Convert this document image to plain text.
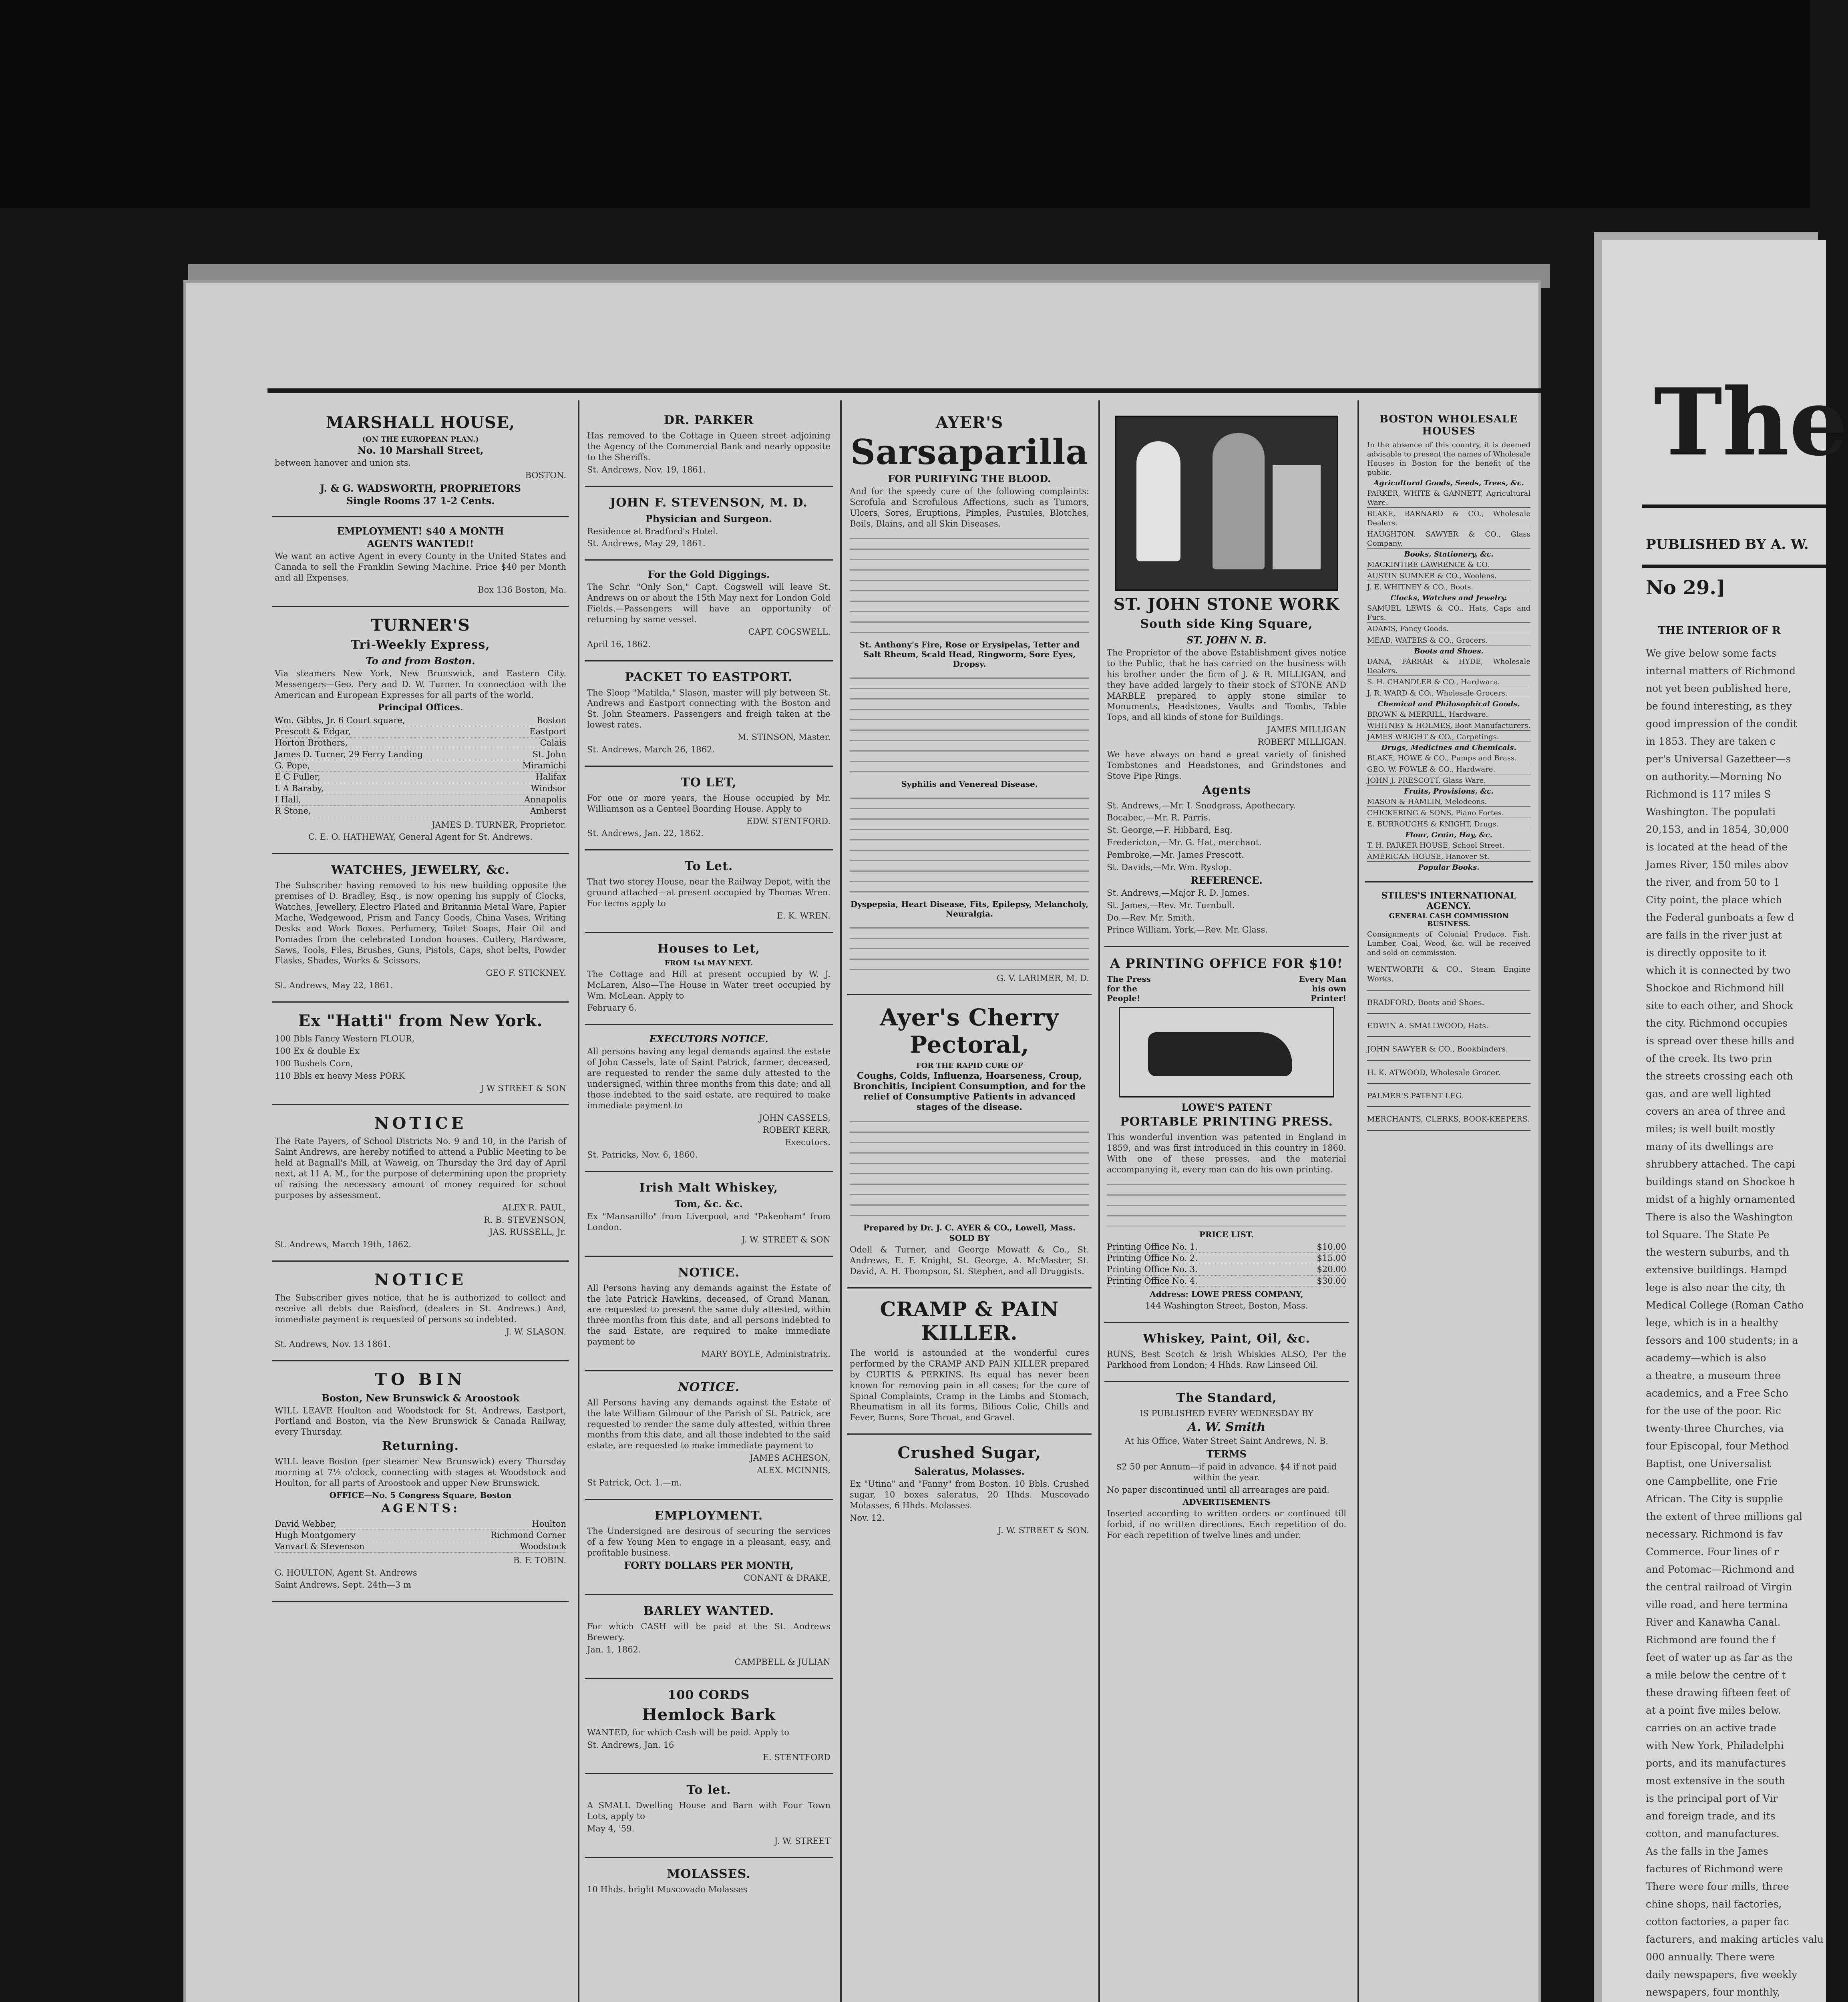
The
PUBLISHED BY A. W.
No 29.]
THE INTERIOR OF R

We give below some facts

internal matters of Richmond

not yet been published here,

be found interesting, as they

good impression of the condit

in 1853. They are taken c

per's Universal Gazetteer—s

on authority.—Morning No

Richmond is 117 miles S

Washington. The populati

20,153, and in 1854, 30,000

is located at the head of the

James River, 150 miles abov

the river, and from 50 to 1

City point, the place which

the Federal gunboats a few d

are falls in the river just at

is directly opposite to it

which it is connected by two

Shockoe and Richmond hill

site to each other, and Shock

the city. Richmond occupies

is spread over these hills and

of the creek. Its two prin

the streets crossing each oth

gas, and are well lighted

covers an area of three and

miles; is well built mostly

many of its dwellings are

shrubbery attached. The capi

buildings stand on Shockoe h

midst of a highly ornamented

There is also the Washington

tol Square. The State Pe

the western suburbs, and th

extensive buildings. Hampd

lege is also near the city, th

Medical College (Roman Catho

lege, which is in a healthy

fessors and 100 students; in a

academy—which is also

a theatre, a museum three

academics, and a Free Scho

for the use of the poor. Ric

twenty-three Churches, via

four Episcopal, four Method

Baptist, one Universalist

one Campbellite, one Frie

African. The City is supplie

the extent of three millions gal

necessary. Richmond is fav

Commerce. Four lines of r

and Potomac—Richmond and

the central railroad of Virgin

ville road, and here termina

River and Kanawha Canal.

Richmond are found the f

feet of water up as far as the

a mile below the centre of t

these drawing fifteen feet of

at a point five miles below.

carries on an active trade

with New York, Philadelphi

ports, and its manufactures

most extensive in the south

is the principal port of Vir

and foreign trade, and its

cotton, and manufactures.

As the falls in the James

factures of Richmond were

There were four mills, three

chine shops, nail factories,

cotton factories, a paper fac

facturers, and making articles valu

000 annually. There were

daily newspapers, five weekly

newspapers, four monthly,

MARSHALL HOUSE,
(ON THE EUROPEAN PLAN.)
No. 10 Marshall Street,
between hanover and union sts.
BOSTON.
J. & G. WADSWORTH, PROPRIETORS
Single Rooms 37 1-2 Cents.
EMPLOYMENT! $40 A MONTH
AGENTS WANTED!!
We want an active Agent in every County in the United States and Canada to sell the Franklin Sewing Machine. Price $40 per Month and all Expenses.
Box 136 Boston, Ma.
TURNER'S
Tri-Weekly Express,
To and from Boston.
Via steamers New York, New Brunswick, and Eastern City. Messengers—Geo. Pery and D. W. Turner. In connection with the American and European Expresses for all parts of the world.
Principal Offices.
Wm. Gibbs, Jr. 6 Court square,	Boston
Prescott & Edgar,	Eastport
Horton Brothers,	Calais
James D. Turner, 29 Ferry Landing	St. John
G. Pope,	Miramichi
E G Fuller,	Halifax
L A Baraby,	Windsor
I Hall,	Annapolis
R Stone,	Amherst
JAMES D. TURNER, Proprietor.
C. E. O. HATHEWAY, General Agent for St. Andrews.
WATCHES, JEWELRY, &c.
The Subscriber having removed to his new building opposite the premises of D. Bradley, Esq., is now opening his supply of Clocks, Watches, Jewellery, Electro Plated and Britannia Metal Ware, Papier Mache, Wedgewood, Prism and Fancy Goods, China Vases, Writing Desks and Work Boxes. Perfumery, Toilet Soaps, Hair Oil and Pomades from the celebrated London houses. Cutlery, Hardware, Saws, Tools, Files, Brushes, Guns, Pistols, Caps, shot belts, Powder Flasks, Shades, Works & Scissors.
GEO F. STICKNEY.
St. Andrews, May 22, 1861.
Ex "Hatti" from New York.
100 Bbls Fancy Western FLOUR,
100 Ex & double Ex
100 Bushels Corn,
110 Bbls ex heavy Mess PORK
J W STREET & SON
NOTICE
The Rate Payers, of School Districts No. 9 and 10, in the Parish of Saint Andrews, are hereby notified to attend a Public Meeting to be held at Bagnall's Mill, at Waweig, on Thursday the 3rd day of April next, at 11 A. M., for the purpose of determining upon the propriety of raising the necessary amount of money required for school purposes by assessment.
ALEX'R. PAUL,
R. B. STEVENSON,
JAS. RUSSELL, Jr.
St. Andrews, March 19th, 1862.
NOTICE
The Subscriber gives notice, that he is authorized to collect and receive all debts due Raisford, (dealers in St. Andrews.) And, immediate payment is requested of persons so indebted.
J. W. SLASON.
St. Andrews, Nov. 13 1861.
TO BIN
Boston, New Brunswick & Aroostook
WILL LEAVE Houlton and Woodstock for St. Andrews, Eastport, Portland and Boston, via the New Brunswick & Canada Railway, every Thursday.
Returning.
WILL leave Boston (per steamer New Brunswick) every Thursday morning at 7½ o'clock, connecting with stages at Woodstock and Houlton, for all parts of Aroostook and upper New Brunswick.
OFFICE—No. 5 Congress Square, Boston
AGENTS:
David Webber,	Houlton
Hugh Montgomery	Richmond Corner
Vanvart & Stevenson	Woodstock
B. F. TOBIN.
G. HOULTON, Agent St. Andrews
Saint Andrews, Sept. 24th—3 m
DR. PARKER
Has removed to the Cottage in Queen street adjoining the Agency of the Commercial Bank and nearly opposite to the Sheriffs.
St. Andrews, Nov. 19, 1861.
JOHN F. STEVENSON, M. D.
Physician and Surgeon.
Residence at Bradford's Hotel.
St. Andrews, May 29, 1861.
For the Gold Diggings.
The Schr. "Only Son," Capt. Cogswell will leave St. Andrews on or about the 15th May next for London Gold Fields.—Passengers will have an opportunity of returning by same vessel.
CAPT. COGSWELL.
April 16, 1862.
PACKET TO EASTPORT.
The Sloop "Matilda," Slason, master will ply between St. Andrews and Eastport connecting with the Boston and St. John Steamers. Passengers and freigh taken at the lowest rates.
M. STINSON, Master.
St. Andrews, March 26, 1862.
TO LET,
For one or more years, the House occupied by Mr. Williamson as a Genteel Boarding House. Apply to
EDW. STENTFORD.
St. Andrews, Jan. 22, 1862.
To Let.
That two storey House, near the Railway Depot, with the ground attached—at present occupied by Thomas Wren. For terms apply to
E. K. WREN.
Houses to Let,
FROM 1st MAY NEXT.
The Cottage and Hill at present occupied by W. J. McLaren, Also—The House in Water treet occupied by Wm. McLean. Apply to
February 6.
EXECUTORS NOTICE.
All persons having any legal demands against the estate of John Cassels, late of Saint Patrick, farmer, deceased, are requested to render the same duly attested to the undersigned, within three months from this date; and all those indebted to the said estate, are required to make immediate payment to
JOHN CASSELS,
ROBERT KERR,
Executors.
St. Patricks, Nov. 6, 1860.
Irish Malt Whiskey,
Tom, &c. &c.
Ex "Mansanillo" from Liverpool, and "Pakenham" from London.
J. W. STREET & SON
NOTICE.
All Persons having any demands against the Estate of the late Patrick Hawkins, deceased, of Grand Manan, are requested to present the same duly attested, within three months from this date, and all persons indebted to the said Estate, are required to make immediate payment to
MARY BOYLE, Administratrix.
NOTICE.
All Persons having any demands against the Estate of the late William Gilmour of the Parish of St. Patrick, are requested to render the same duly attested, within three months from this date, and all those indebted to the said estate, are requested to make immediate payment to
JAMES ACHESON,
ALEX. MCINNIS,
St Patrick, Oct. 1.—m.
EMPLOYMENT.
The Undersigned are desirous of securing the services of a few Young Men to engage in a pleasant, easy, and profitable business.
FORTY DOLLARS PER MONTH,
CONANT & DRAKE,
BARLEY WANTED.
For which CASH will be paid at the St. Andrews Brewery.
Jan. 1, 1862.
CAMPBELL & JULIAN
100 CORDS
Hemlock Bark
WANTED, for which Cash will be paid. Apply to
St. Andrews, Jan. 16
E. STENTFORD
To let.
A SMALL Dwelling House and Barn with Four Town Lots, apply to
May 4, '59.
J. W. STREET
MOLASSES.
10 Hhds. bright Muscovado Molasses
AYER'S
Sarsaparilla
FOR PURIFYING THE BLOOD.
And for the speedy cure of the following complaints: Scrofula and Scrofulous Affections, such as Tumors, Ulcers, Sores, Eruptions, Pimples, Pustules, Blotches, Boils, Blains, and all Skin Diseases.
St. Anthony's Fire, Rose or Erysipelas, Tetter and Salt Rheum, Scald Head, Ringworm, Sore Eyes, Dropsy.
Syphilis and Venereal Disease.
Dyspepsia, Heart Disease, Fits, Epilepsy, Melancholy, Neuralgia.
G. V. LARIMER, M. D.
Ayer's Cherry Pectoral,
FOR THE RAPID CURE OF
Coughs, Colds, Influenza, Hoarseness, Croup, Bronchitis, Incipient Consumption, and for the relief of Consumptive Patients in advanced stages of the disease.
Prepared by Dr. J. C. AYER & CO., Lowell, Mass.
SOLD BY
Odell & Turner, and George Mowatt & Co., St. Andrews, E. F. Knight, St. George, A. McMaster, St. David, A. H. Thompson, St. Stephen, and all Druggists.
CRAMP & PAIN KILLER.
The world is astounded at the wonderful cures performed by the CRAMP AND PAIN KILLER prepared by CURTIS & PERKINS. Its equal has never been known for removing pain in all cases; for the cure of Spinal Complaints, Cramp in the Limbs and Stomach, Rheumatism in all its forms, Bilious Colic, Chills and Fever, Burns, Sore Throat, and Gravel.
Crushed Sugar,
Saleratus, Molasses.
Ex "Utina" and "Fanny" from Boston. 10 Bbls. Crushed sugar, 10 boxes saleratus, 20 Hhds. Muscovado Molasses, 6 Hhds. Molasses.
Nov. 12.
J. W. STREET & SON.
ST. JOHN STONE WORK
South side King Square,
ST. JOHN N. B.
The Proprietor of the above Establishment gives notice to the Public, that he has carried on the business with his brother under the firm of J. & R. MILLIGAN, and they have added largely to their stock of STONE AND MARBLE prepared to apply stone similar to Monuments, Headstones, Vaults and Tombs, Table Tops, and all kinds of stone for Buildings.
JAMES MILLIGAN
ROBERT MILLIGAN.
We have always on hand a great variety of finished Tombstones and Headstones, and Grindstones and Stove Pipe Rings.
Agents
St. Andrews,—Mr. I. Snodgrass, Apothecary.
Bocabec,—Mr. R. Parris.
St. George,—F. Hibbard, Esq.
Fredericton,—Mr. G. Hat, merchant.
Pembroke,—Mr. James Prescott.
St. Davids,—Mr. Wm. Ryslop.
REFERENCE.
St. Andrews,—Major R. D. James.
St. James,—Rev. Mr. Turnbull.
Do.—Rev. Mr. Smith.
Prince William, York,—Rev. Mr. Glass.
A PRINTING OFFICE FOR $10!
The Press for the People!
Every Man his own Printer!
LOWE'S PATENT
PORTABLE PRINTING PRESS.
This wonderful invention was patented in England in 1859, and was first introduced in this country in 1860. With one of these presses, and the material accompanying it, every man can do his own printing.
PRICE LIST.
Printing Office No. 1.	$10.00
Printing Office No. 2.	$15.00
Printing Office No. 3.	$20.00
Printing Office No. 4.	$30.00
Address: LOWE PRESS COMPANY,
144 Washington Street, Boston, Mass.
Whiskey, Paint, Oil, &c.
RUNS, Best Scotch & Irish Whiskies ALSO, Per the Parkhood from London; 4 Hhds. Raw Linseed Oil.
The Standard,
IS PUBLISHED EVERY WEDNESDAY BY
A. W. Smith
At his Office, Water Street Saint Andrews, N. B.
TERMS
$2 50 per Annum—if paid in advance. $4 if not paid within the year.
No paper discontinued until all arrearages are paid.
ADVERTISEMENTS
Inserted according to written orders or continued till forbid, if no written directions. Each repetition of do. For each repetition of twelve lines and under.
BOSTON WHOLESALE HOUSES
In the absence of this country, it is deemed advisable to present the names of Wholesale Houses in Boston for the benefit of the public.
Agricultural Goods, Seeds, Trees, &c.
PARKER, WHITE & GANNETT, Agricultural Ware.
BLAKE, BARNARD & CO., Wholesale Dealers.
HAUGHTON, SAWYER & CO., Glass Company.
Books, Stationery, &c.
MACKINTIRE LAWRENCE & CO.
AUSTIN SUMNER & CO., Woolens.
J. E. WHITNEY & CO., Boots.
Clocks, Watches and Jewelry.
SAMUEL LEWIS & CO., Hats, Caps and Furs.
ADAMS, Fancy Goods.
MEAD, WATERS & CO., Grocers.
Boots and Shoes.
DANA, FARRAR & HYDE, Wholesale Dealers.
S. H. CHANDLER & CO., Hardware.
J. R. WARD & CO., Wholesale Grocers.
Chemical and Philosophical Goods.
BROWN & MERRILL, Hardware.
WHITNEY & HOLMES, Boot Manufacturers.
JAMES WRIGHT & CO., Carpetings.
Drugs, Medicines and Chemicals.
BLAKE, HOWE & CO., Pumps and Brass.
GEO. W. FOWLE & CO., Hardware.
JOHN J. PRESCOTT, Glass Ware.
Fruits, Provisions, &c.
MASON & HAMLIN, Melodeons.
CHICKERING & SONS, Piano Fortes.
E. BURROUGHS & KNIGHT, Drugs.
Flour, Grain, Hay, &c.
T. H. PARKER HOUSE, School Street.
AMERICAN HOUSE, Hanover St.
Popular Books.
STILES'S INTERNATIONAL AGENCY.
GENERAL CASH COMMISSION BUSINESS.
Consignments of Colonial Produce, Fish, Lumber, Coal, Wood, &c. will be received and sold on commission.
WENTWORTH & CO., Steam Engine Works.
BRADFORD, Boots and Shoes.
EDWIN A. SMALLWOOD, Hats.
JOHN SAWYER & CO., Bookbinders.
H. K. ATWOOD, Wholesale Grocer.
PALMER'S PATENT LEG.
MERCHANTS, CLERKS, BOOK-KEEPERS.
